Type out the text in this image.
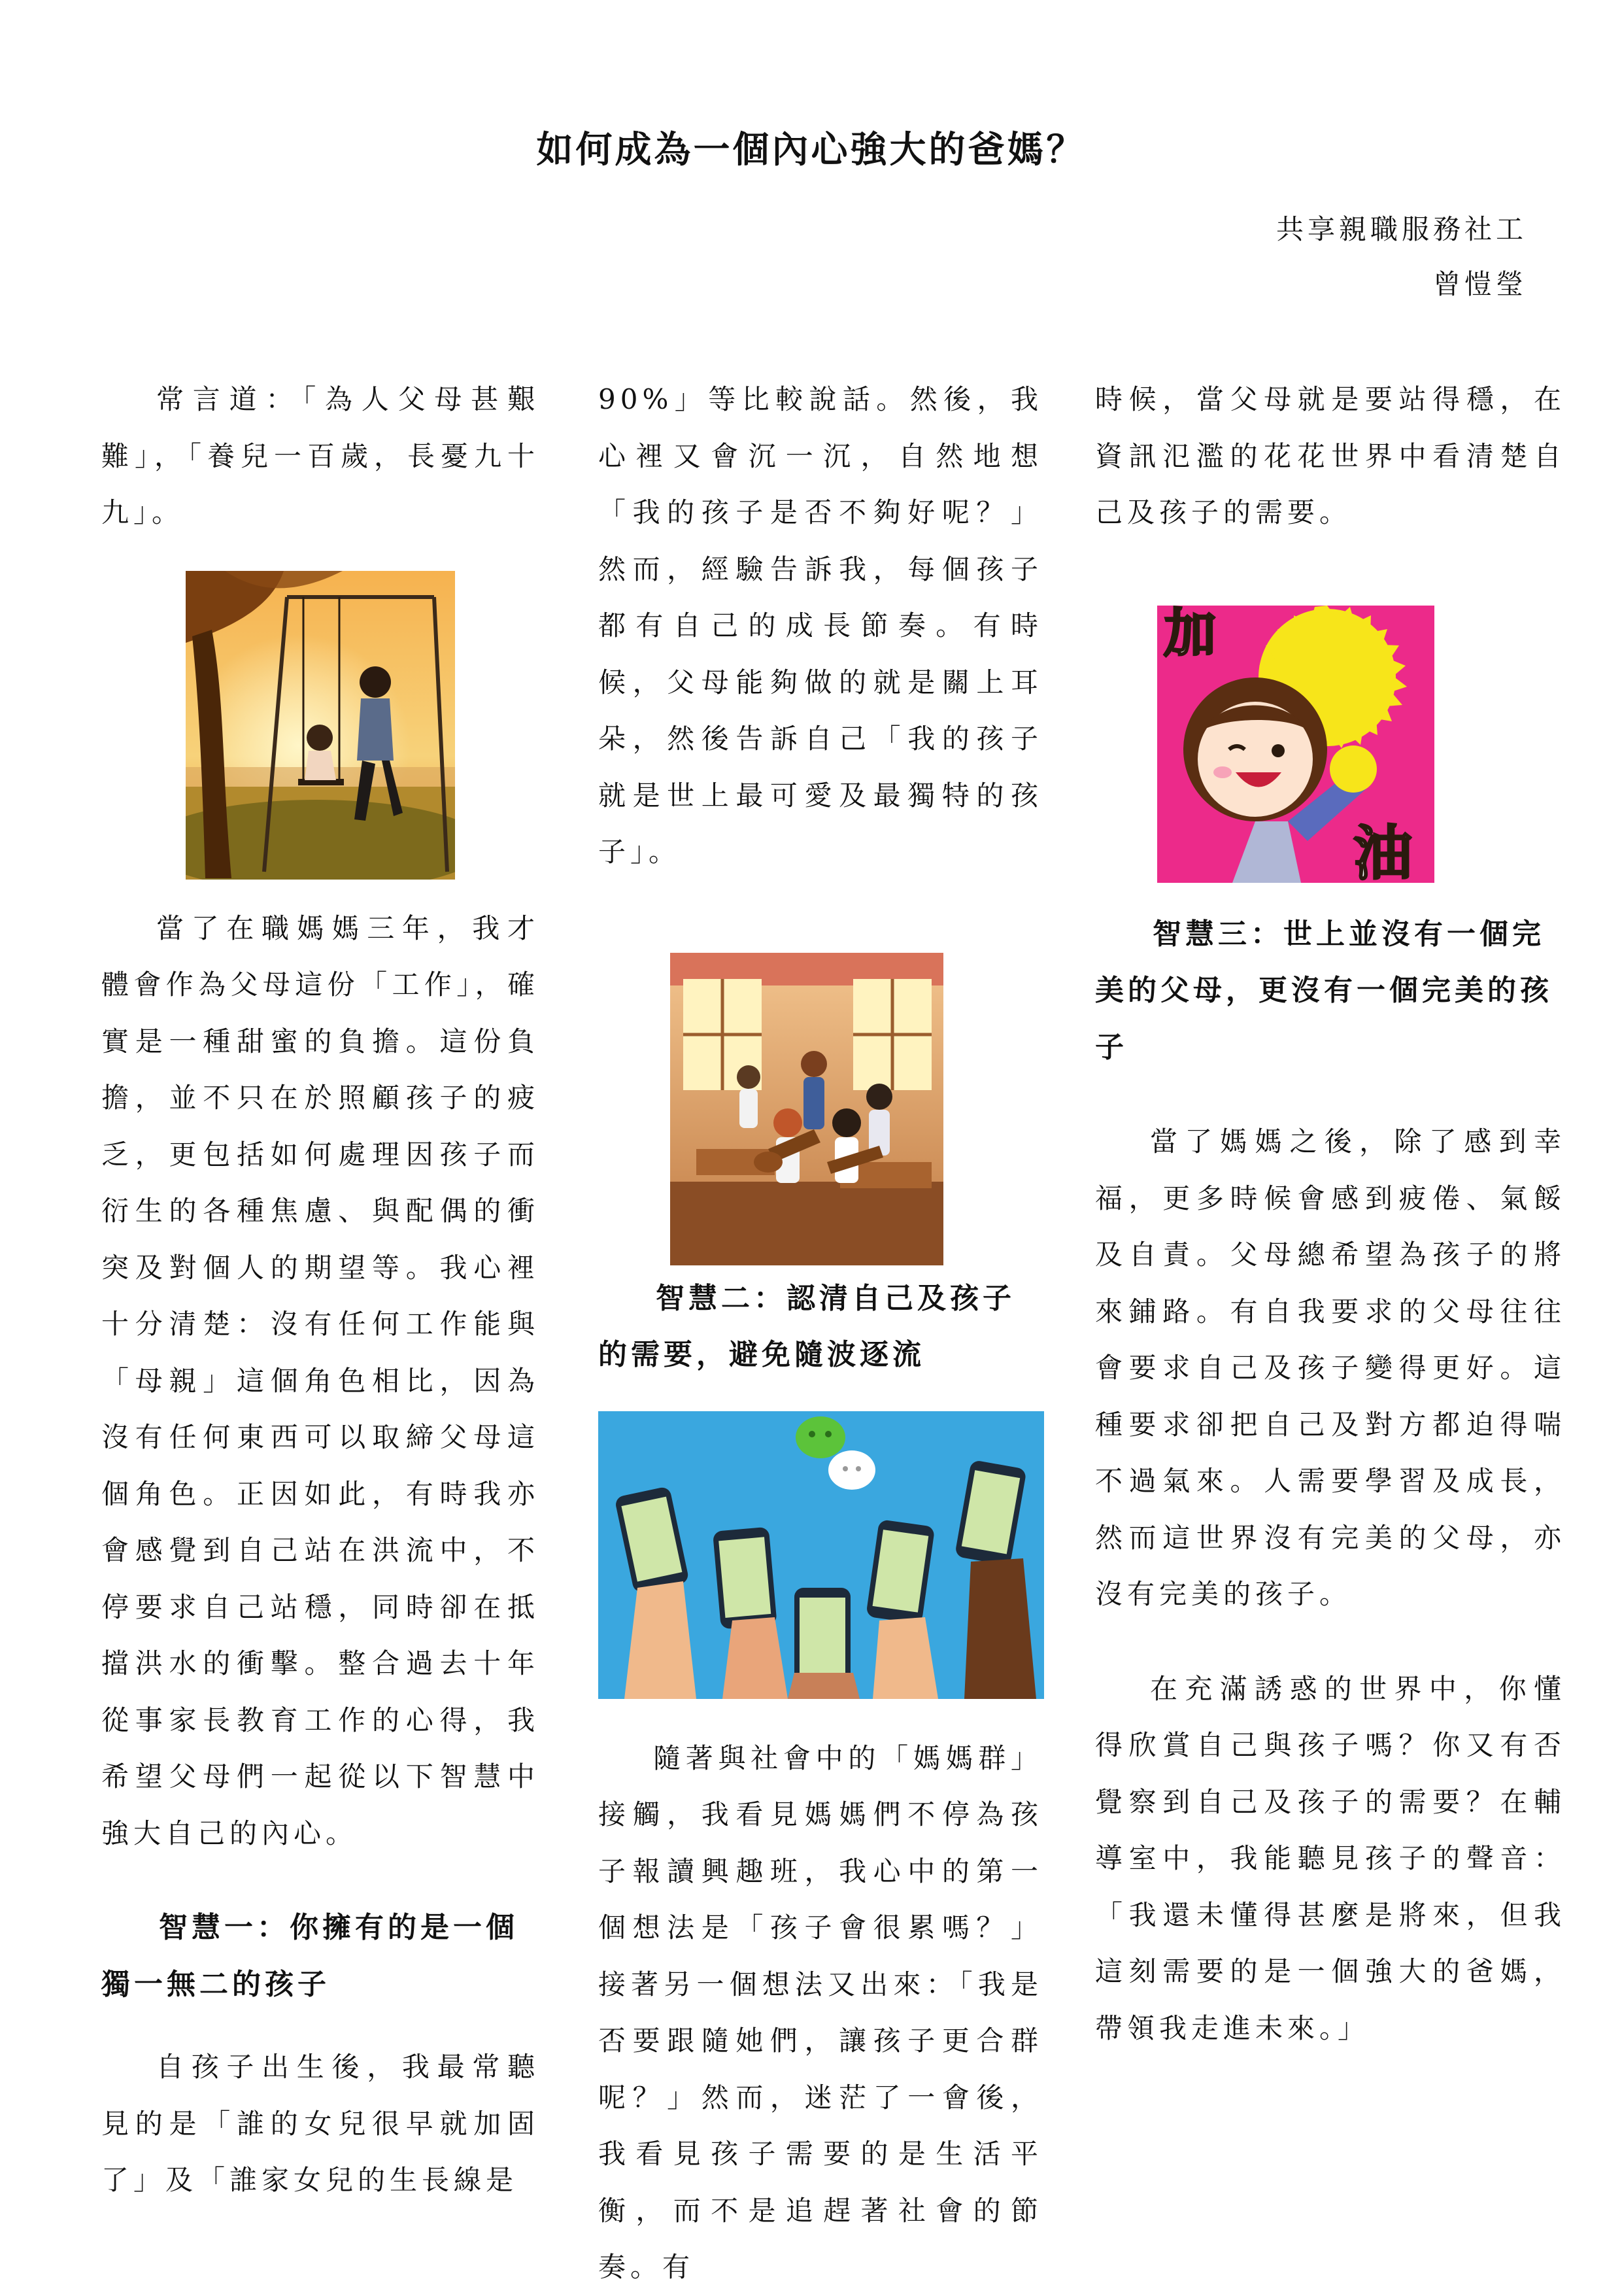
如何成為一個內心強大的爸媽？
共享親職服務社工
曾愷瑩

常言道：「為人父母甚艱難」，「養兒一百歲，長憂九十九」。

當了在職媽媽三年，我才體會作為父母這份「工作」，確實是一種甜蜜的負擔。這份負擔，並不只在於照顧孩子的疲乏，更包括如何處理因孩子而衍生的各種焦慮、與配偶的衝突及對個人的期望等。我心裡十分清楚：沒有任何工作能與「母親」這個角色相比，因為沒有任何東西可以取締父母這個角色。正因如此，有時我亦會感覺到自己站在洪流中，不停要求自己站穩，同時卻在抵擋洪水的衝擊。整合過去十年從事家長教育工作的心得，我希望父母們一起從以下智慧中強大自己的內心。

智慧一：你擁有的是一個獨一無二的孩子

自孩子出生後，我最常聽見的是「誰的女兒很早就加固了」及「誰家女兒的生長線是

90%」等比較說話。然後，我心裡又會沉一沉，自然地想「我的孩子是否不夠好呢？」然而，經驗告訴我，每個孩子都有自己的成長節奏。有時候，父母能夠做的就是關上耳朵，然後告訴自己「我的孩子就是世上最可愛及最獨特的孩子」。

智慧二：認清自己及孩子的需要，避免隨波逐流

隨著與社會中的「媽媽群」接觸，我看見媽媽們不停為孩子報讀興趣班，我心中的第一個想法是「孩子會很累嗎？」接著另一個想法又出來：「我是否要跟隨她們，讓孩子更合群呢？」然而，迷茫了一會後，我看見孩子需要的是生活平衡，而不是追趕著社會的節奏。有

時候，當父母就是要站得穩，在資訊氾濫的花花世界中看清楚自己及孩子的需要。

加
油
智慧三：世上並沒有一個完美的父母，更沒有一個完美的孩子

當了媽媽之後，除了感到幸福，更多時候會感到疲倦、氣餒及自責。父母總希望為孩子的將來鋪路。有自我要求的父母往往會要求自己及孩子變得更好。這種要求卻把自己及對方都迫得喘不過氣來。人需要學習及成長，然而這世界沒有完美的父母，亦沒有完美的孩子。

在充滿誘惑的世界中，你懂得欣賞自己與孩子嗎？你又有否覺察到自己及孩子的需要？在輔導室中，我能聽見孩子的聲音：「我還未懂得甚麼是將來，但我這刻需要的是一個強大的爸媽，帶領我走進未來。」
